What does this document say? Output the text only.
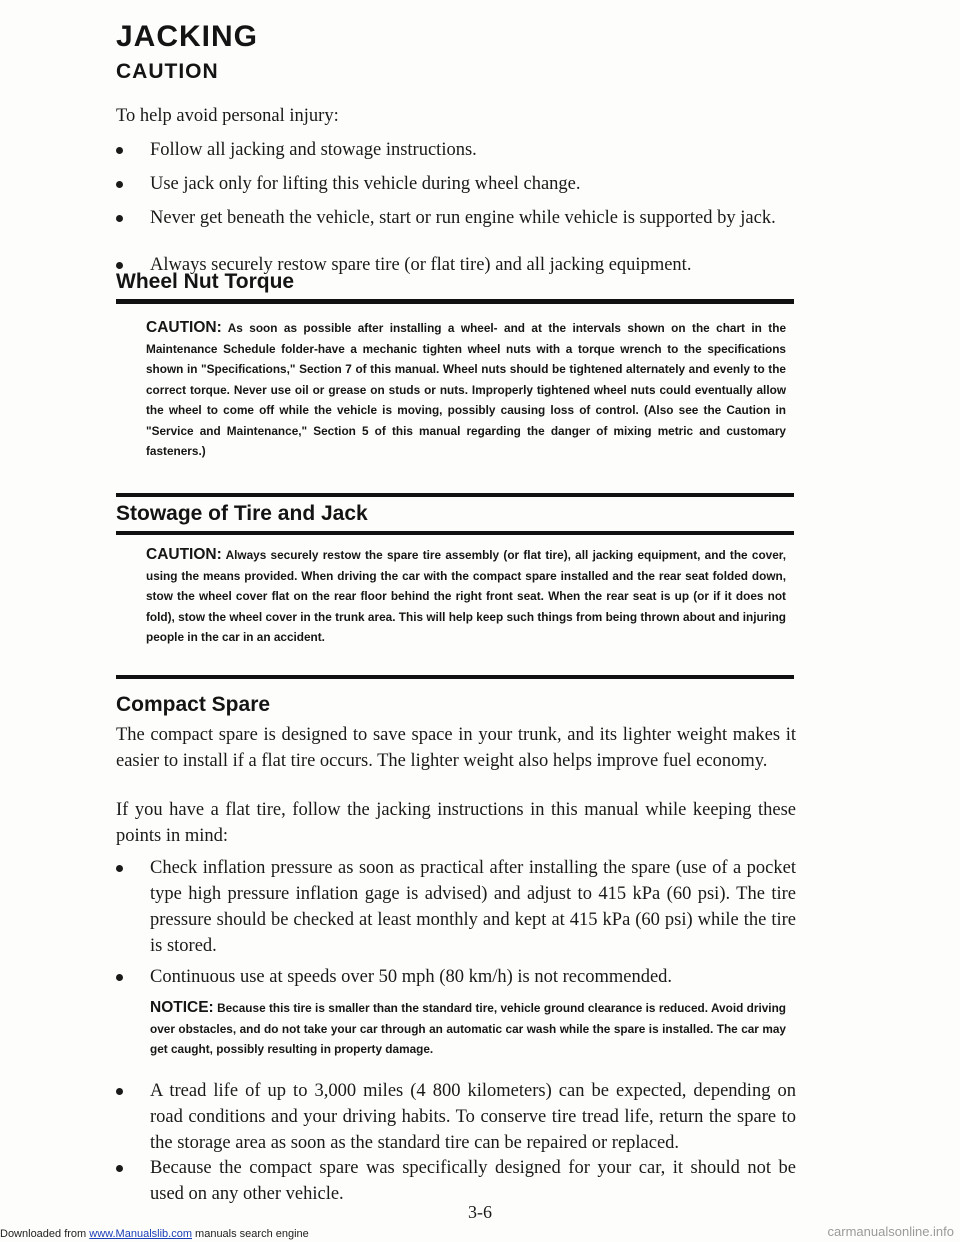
JACKING
CAUTION
To help avoid personal injury:
Follow all jacking and stowage instructions.
Use jack only for lifting this vehicle during wheel change.
Never get beneath the vehicle, start or run engine while vehicle is supported by jack.
Always securely restow spare tire (or flat tire) and all jacking equipment.
Wheel Nut Torque
CAUTION: As soon as possible after installing a wheel- and at the intervals shown on the chart in the Maintenance Schedule folder-have a mechanic tighten wheel nuts with a torque wrench to the specifications shown in "Specifications," Section 7 of this manual. Wheel nuts should be tightened alternately and evenly to the correct torque. Never use oil or grease on studs or nuts. Improperly tightened wheel nuts could eventually allow the wheel to come off while the vehicle is moving, possibly causing loss of control. (Also see the Caution in "Service and Maintenance," Section 5 of this manual regarding the danger of mixing metric and customary fasteners.)
Stowage of Tire and Jack
CAUTION: Always securely restow the spare tire assembly (or flat tire), all jacking equipment, and the cover, using the means provided. When driving the car with the compact spare installed and the rear seat folded down, stow the wheel cover flat on the rear floor behind the right front seat. When the rear seat is up (or if it does not fold), stow the wheel cover in the trunk area. This will help keep such things from being thrown about and injuring people in the car in an accident.
Compact Spare
The compact spare is designed to save space in your trunk, and its lighter weight makes it easier to install if a flat tire occurs. The lighter weight also helps improve fuel economy.
If you have a flat tire, follow the jacking instructions in this manual while keeping these points in mind:
Check inflation pressure as soon as practical after installing the spare (use of a pocket type high pressure inflation gage is advised) and adjust to 415 kPa (60 psi). The tire pressure should be checked at least monthly and kept at 415 kPa (60 psi) while the tire is stored.
Continuous use at speeds over 50 mph (80 km/h) is not recommended.
NOTICE: Because this tire is smaller than the standard tire, vehicle ground clearance is reduced. Avoid driving over obstacles, and do not take your car through an automatic car wash while the spare is installed. The car may get caught, possibly resulting in property damage.
A tread life of up to 3,000 miles (4 800 kilometers) can be expected, depending on road conditions and your driving habits. To conserve tire tread life, return the spare to the storage area as soon as the standard tire can be repaired or replaced.
Because the compact spare was specifically designed for your car, it should not be used on any other vehicle.
3-6
Downloaded from www.Manualslib.com manuals search engine	carmanualsonline.info
